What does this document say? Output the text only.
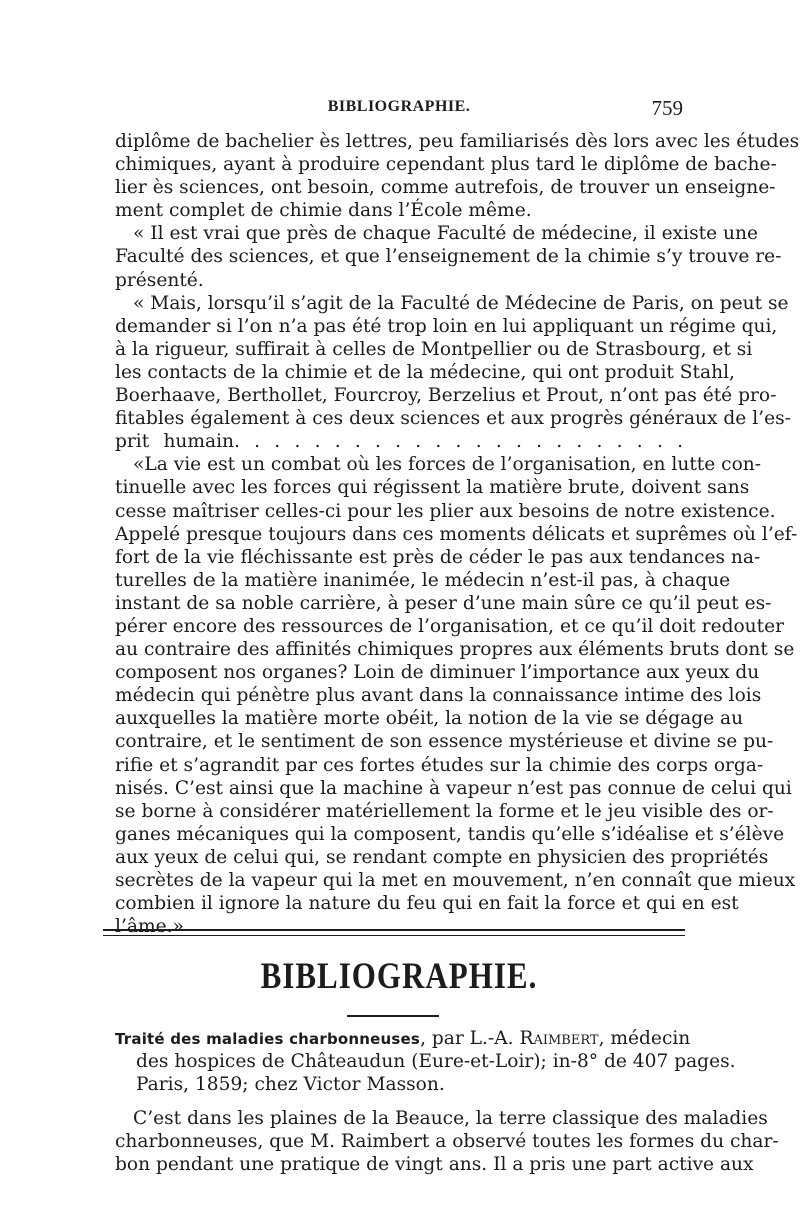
BIBLIOGRAPHIE.	759
diplôme de bachelier ès lettres, peu familiarisés dès lors avec les études
chimiques, ayant à produire cependant plus tard le diplôme de bache-
lier ès sciences, ont besoin, comme autrefois, de trouver un enseigne-
ment complet de chimie dans l’École même.
« Il est vrai que près de chaque Faculté de médecine, il existe une
Faculté des sciences, et que l’enseignement de la chimie s’y trouve re-
présenté.
« Mais, lorsqu’il s’agit de la Faculté de Médecine de Paris, on peut se
demander si l’on n’a pas été trop loin en lui appliquant un régime qui,
à la rigueur, suffirait à celles de Montpellier ou de Strasbourg, et si
les contacts de la chimie et de la médecine, qui ont produit Stahl,
Boerhaave, Berthollet, Fourcroy, Berzelius et Prout, n’ont pas été pro-
fitables également à ces deux sciences et aux progrès généraux de l’es-
prit humain. . . . . . . . . . . . . . . . . . . . . . .
«La vie est un combat où les forces de l’organisation, en lutte con-
tinuelle avec les forces qui régissent la matière brute, doivent sans
cesse maîtriser celles-ci pour les plier aux besoins de notre existence.
Appelé presque toujours dans ces moments délicats et suprêmes où l’ef-
fort de la vie fléchissante est près de céder le pas aux tendances na-
turelles de la matière inanimée, le médecin n’est-il pas, à chaque
instant de sa noble carrière, à peser d’une main sûre ce qu’il peut es-
pérer encore des ressources de l’organisation, et ce qu’il doit redouter
au contraire des affinités chimiques propres aux éléments bruts dont se
composent nos organes? Loin de diminuer l’importance aux yeux du
médecin qui pénètre plus avant dans la connaissance intime des lois
auxquelles la matière morte obéit, la notion de la vie se dégage au
contraire, et le sentiment de son essence mystérieuse et divine se pu-
rifie et s’agrandit par ces fortes études sur la chimie des corps orga-
nisés. C’est ainsi que la machine à vapeur n’est pas connue de celui qui
se borne à considérer matériellement la forme et le jeu visible des or-
ganes mécaniques qui la composent, tandis qu’elle s’idéalise et s’élève
aux yeux de celui qui, se rendant compte en physicien des propriétés
secrètes de la vapeur qui la met en mouvement, n’en connaît que mieux
combien il ignore la nature du feu qui en fait la force et qui en est
l’âme.»
BIBLIOGRAPHIE.
Traité des maladies charbonneuses, par L.-A. Raimbert, médecin
des hospices de Châteaudun (Eure-et-Loir); in-8° de 407 pages.
Paris, 1859; chez Victor Masson.
C’est dans les plaines de la Beauce, la terre classique des maladies
charbonneuses, que M. Raimbert a observé toutes les formes du char-
bon pendant une pratique de vingt ans. Il a pris une part active aux
